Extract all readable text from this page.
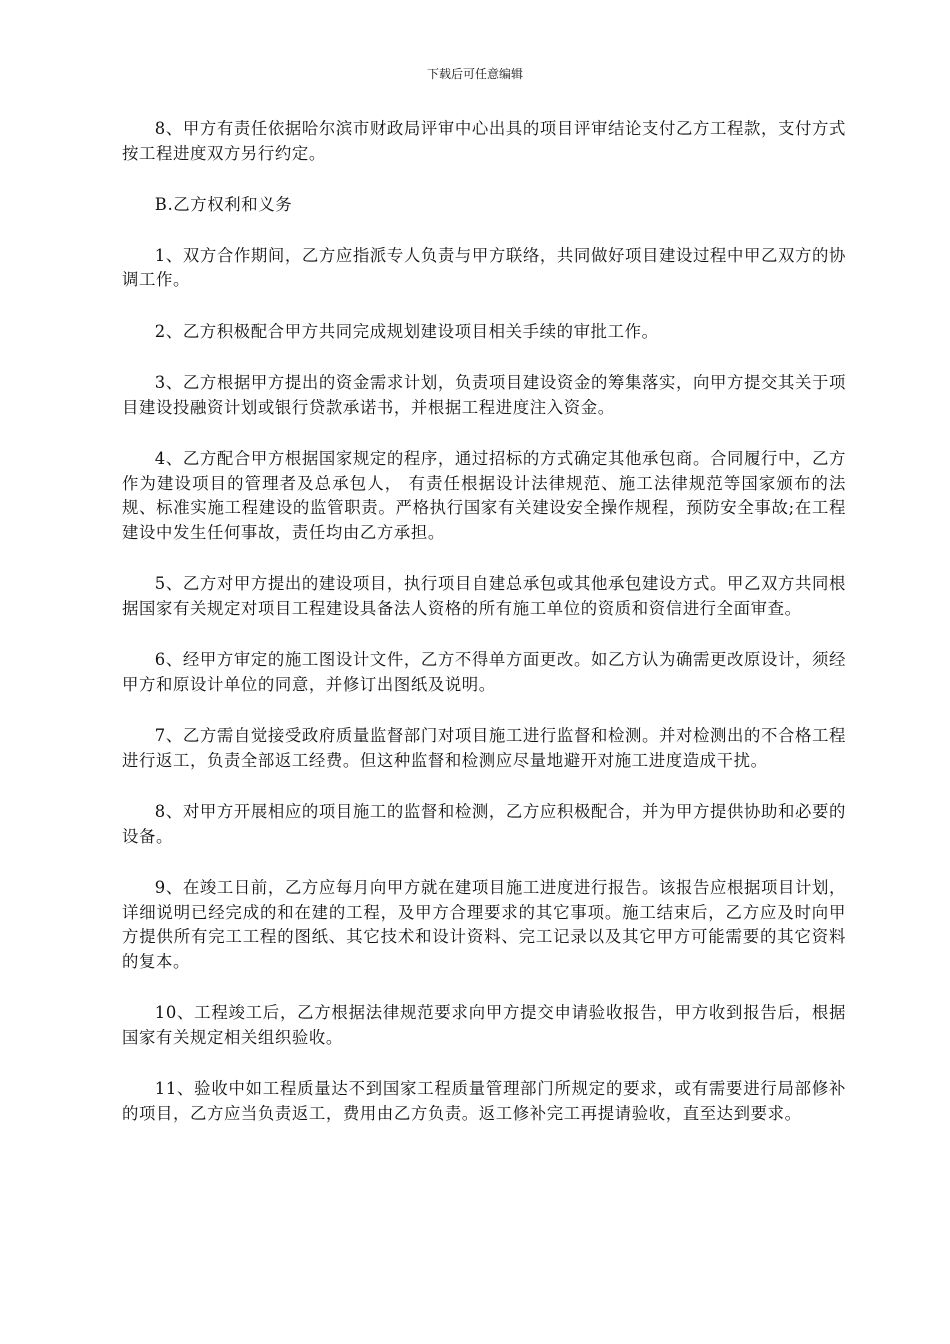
下载后可任意编辑

8、甲方有责任依据哈尔滨市财政局评审中心出具的项目评审结论支付乙方工程款，支付方式按工程进度双方另行约定。

B.乙方权利和义务

1、双方合作期间，乙方应指派专人负责与甲方联络，共同做好项目建设过程中甲乙双方的协调工作。

2、乙方积极配合甲方共同完成规划建设项目相关手续的审批工作。

3、乙方根据甲方提出的资金需求计划，负责项目建设资金的筹集落实，向甲方提交其关于项目建设投融资计划或银行贷款承诺书，并根据工程进度注入资金。

4、乙方配合甲方根据国家规定的程序，通过招标的方式确定其他承包商。合同履行中，乙方作为建设项目的管理者及总承包人， 有责任根据设计法律规范、施工法律规范等国家颁布的法规、标准实施工程建设的监管职责。严格执行国家有关建设安全操作规程，预防安全事故;在工程建设中发生任何事故，责任均由乙方承担。

5、乙方对甲方提出的建设项目，执行项目自建总承包或其他承包建设方式。甲乙双方共同根据国家有关规定对项目工程建设具备法人资格的所有施工单位的资质和资信进行全面审查。

6、经甲方审定的施工图设计文件，乙方不得单方面更改。如乙方认为确需更改原设计，须经甲方和原设计单位的同意，并修订出图纸及说明。

7、乙方需自觉接受政府质量监督部门对项目施工进行监督和检测。并对检测出的不合格工程进行返工，负责全部返工经费。但这种监督和检测应尽量地避开对施工进度造成干扰。

8、对甲方开展相应的项目施工的监督和检测，乙方应积极配合，并为甲方提供协助和必要的设备。

9、在竣工日前，乙方应每月向甲方就在建项目施工进度进行报告。该报告应根据项目计划，详细说明已经完成的和在建的工程，及甲方合理要求的其它事项。施工结束后，乙方应及时向甲方提供所有完工工程的图纸、其它技术和设计资料、完工记录以及其它甲方可能需要的其它资料的复本。

10、工程竣工后，乙方根据法律规范要求向甲方提交申请验收报告，甲方收到报告后，根据国家有关规定相关组织验收。

11、验收中如工程质量达不到国家工程质量管理部门所规定的要求，或有需要进行局部修补的项目，乙方应当负责返工，费用由乙方负责。返工修补完工再提请验收，直至达到要求。
